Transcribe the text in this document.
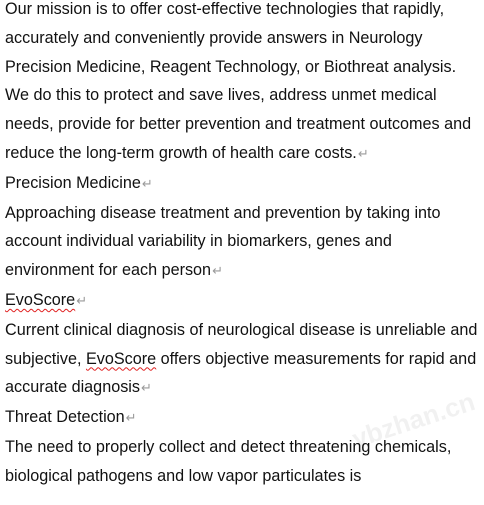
Our mission is to offer cost-effective technologies that rapidly, accurately and conveniently provide answers in Neurology Precision Medicine, Reagent Technology, or Biothreat analysis. We do this to protect and save lives, address unmet medical needs, provide for better prevention and treatment outcomes and reduce the long-term growth of health care costs.↵

Precision Medicine↵

Approaching disease treatment and prevention by taking into account individual variability in biomarkers, genes and environment for each person↵

EvoScore↵

Current clinical diagnosis of neurological disease is unreliable and subjective, EvoScore offers objective measurements for rapid and accurate diagnosis↵

Threat Detection↵

The need to properly collect and detect threatening chemicals, biological pathogens and low vapor particulates is

ybzhan.cn
